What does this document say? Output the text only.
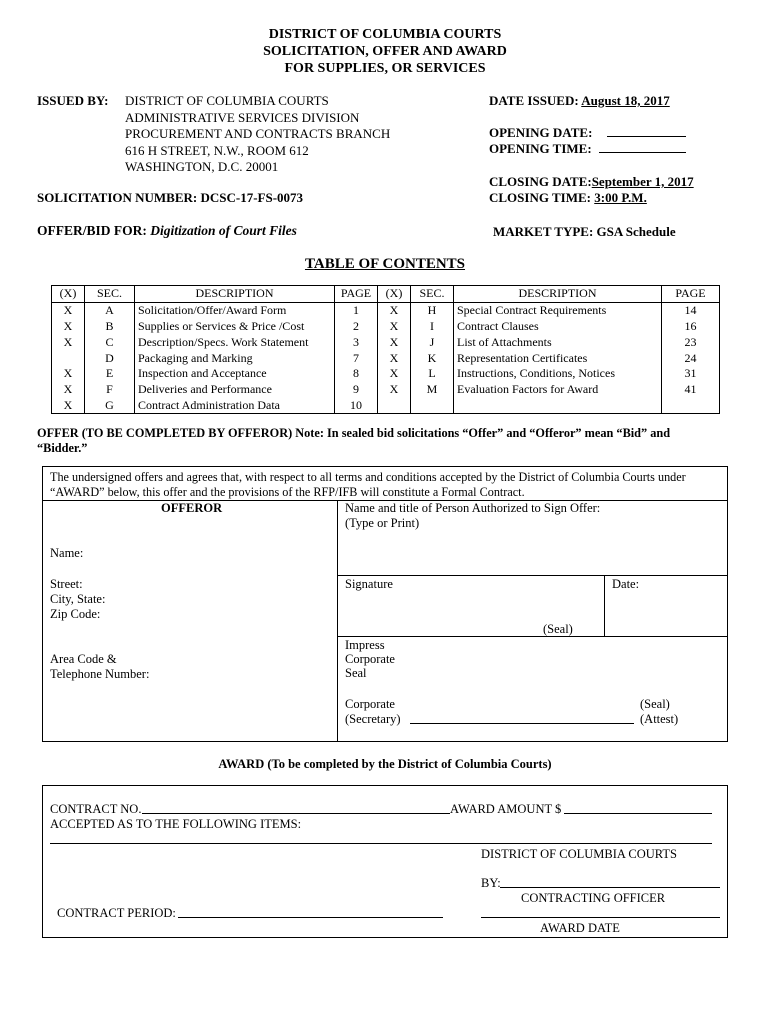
DISTRICT OF COLUMBIA COURTS
SOLICITATION, OFFER AND AWARD
FOR SUPPLIES, OR SERVICES
ISSUED BY: DISTRICT OF COLUMBIA COURTS
ADMINISTRATIVE SERVICES DIVISION
PROCUREMENT AND CONTRACTS BRANCH
616 H STREET, N.W., ROOM 612
WASHINGTON, D.C. 20001
DATE ISSUED: August 18, 2017
OPENING DATE:
OPENING TIME:
CLOSING DATE:September 1, 2017
CLOSING TIME: 3:00 P.M.
SOLICITATION NUMBER: DCSC-17-FS-0073
OFFER/BID FOR: Digitization of Court Files	MARKET TYPE: GSA Schedule
TABLE OF CONTENTS
(X)	SEC.	DESCRIPTION	PAGE	(X)	SEC.	DESCRIPTION	PAGE
X	A	Solicitation/Offer/Award Form	1	X	H	Special Contract Requirements	14
X	B	Supplies or Services & Price /Cost	2	X	I	Contract Clauses	16
X	C	Description/Specs. Work Statement	3	X	J	List of Attachments	23
	D	Packaging and Marking	7	X	K	Representation Certificates	24
X	E	Inspection and Acceptance	8	X	L	Instructions, Conditions, Notices	31
X	F	Deliveries and Performance	9	X	M	Evaluation Factors for Award	41
X	G	Contract Administration Data	10				
OFFER (TO BE COMPLETED BY OFFEROR) Note: In sealed bid solicitations “Offer” and “Offeror” mean “Bid” and
“Bidder.”
The undersigned offers and agrees that, with respect to all terms and conditions accepted by the District of Columbia Courts under
“AWARD” below, this offer and the provisions of the RFP/IFB will constitute a Formal Contract.
OFFEROR	Name and title of Person Authorized to Sign Offer:
(Type or Print)
Name:
Street:
City, State:
Zip Code:
Signature	Date:
(Seal)
Impress
Corporate
Seal
Area Code &
Telephone Number:
Corporate
(Secretary)
(Seal)
(Attest)
AWARD (To be completed by the District of Columbia Courts)
CONTRACT NO.	AWARD AMOUNT $
ACCEPTED AS TO THE FOLLOWING ITEMS:
DISTRICT OF COLUMBIA COURTS
BY:
CONTRACTING OFFICER
CONTRACT PERIOD:
AWARD DATE
